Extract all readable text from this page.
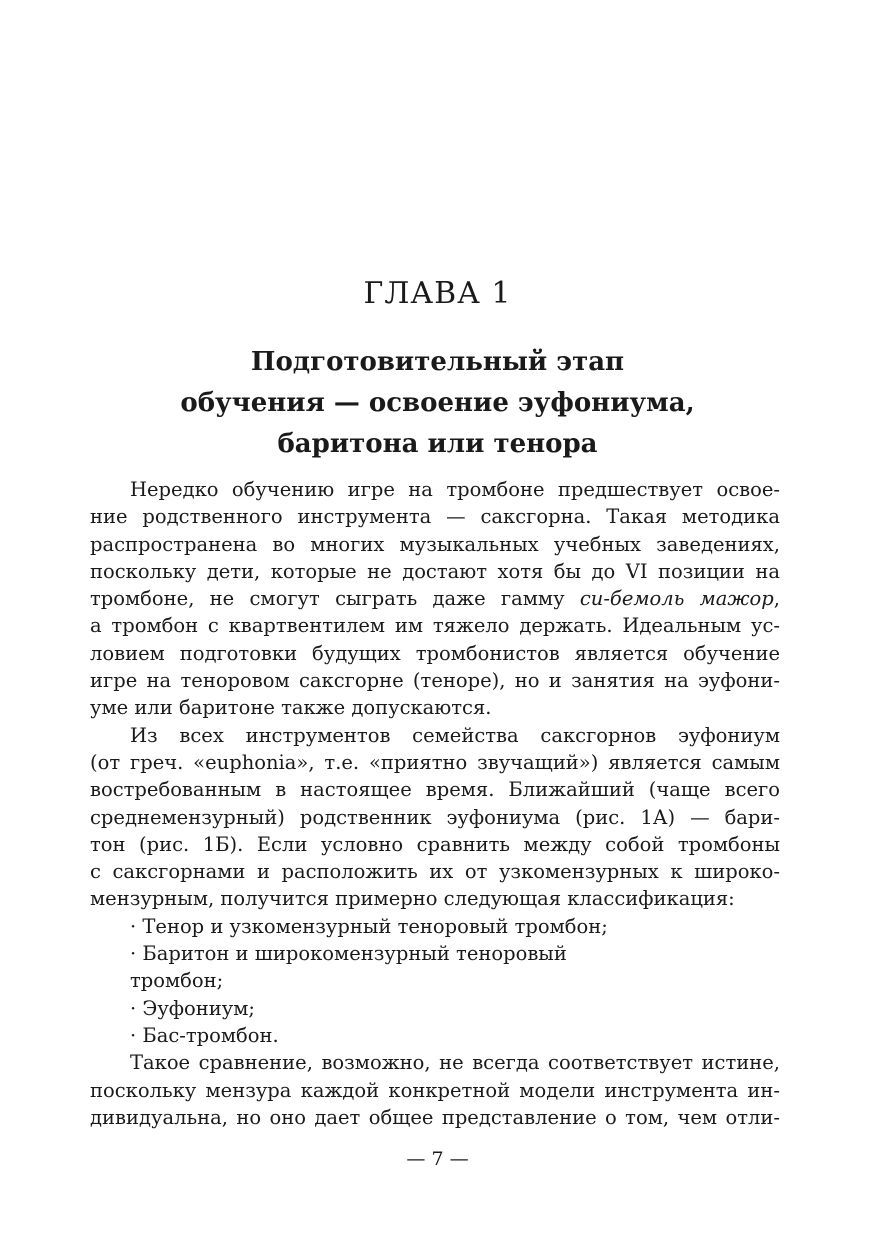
ГЛАВА 1
Подготовительный этап
обучения — освоение эуфониума,
баритона или тенора
Нередко обучению игре на тромбоне предшествует освое-
ние родственного инструмента — саксгорна. Такая методика
распространена во многих музыкальных учебных заведениях,
поскольку дети, которые не достают хотя бы до VI позиции на
тромбоне, не смогут сыграть даже гамму си-бемоль мажор,
а тромбон с квартвентилем им тяжело держать. Идеальным ус-
ловием подготовки будущих тромбонистов является обучение
игре на теноровом саксгорне (теноре), но и занятия на эуфони-
уме или баритоне также допускаются.
Из всех инструментов семейства саксгорнов эуфониум
(от греч. «euphonia», т.е. «приятно звучащий») является самым
востребованным в настоящее время. Ближайший (чаще всего
среднемензурный) родственник эуфониума (рис. 1А) — бари-
тон (рис. 1Б). Если условно сравнить между собой тромбоны
с саксгорнами и расположить их от узкомензурных к широко-
мензурным, получится примерно следующая классификация:
· Тенор и узкомензурный теноровый тромбон;
· Баритон и широкомензурный теноровый
тромбон;
· Эуфониум;
· Бас-тромбон.
Такое сравнение, возможно, не всегда соответствует истине,
поскольку мензура каждой конкретной модели инструмента ин-
дивидуальна, но оно дает общее представление о том, чем отли-
— 7 —
